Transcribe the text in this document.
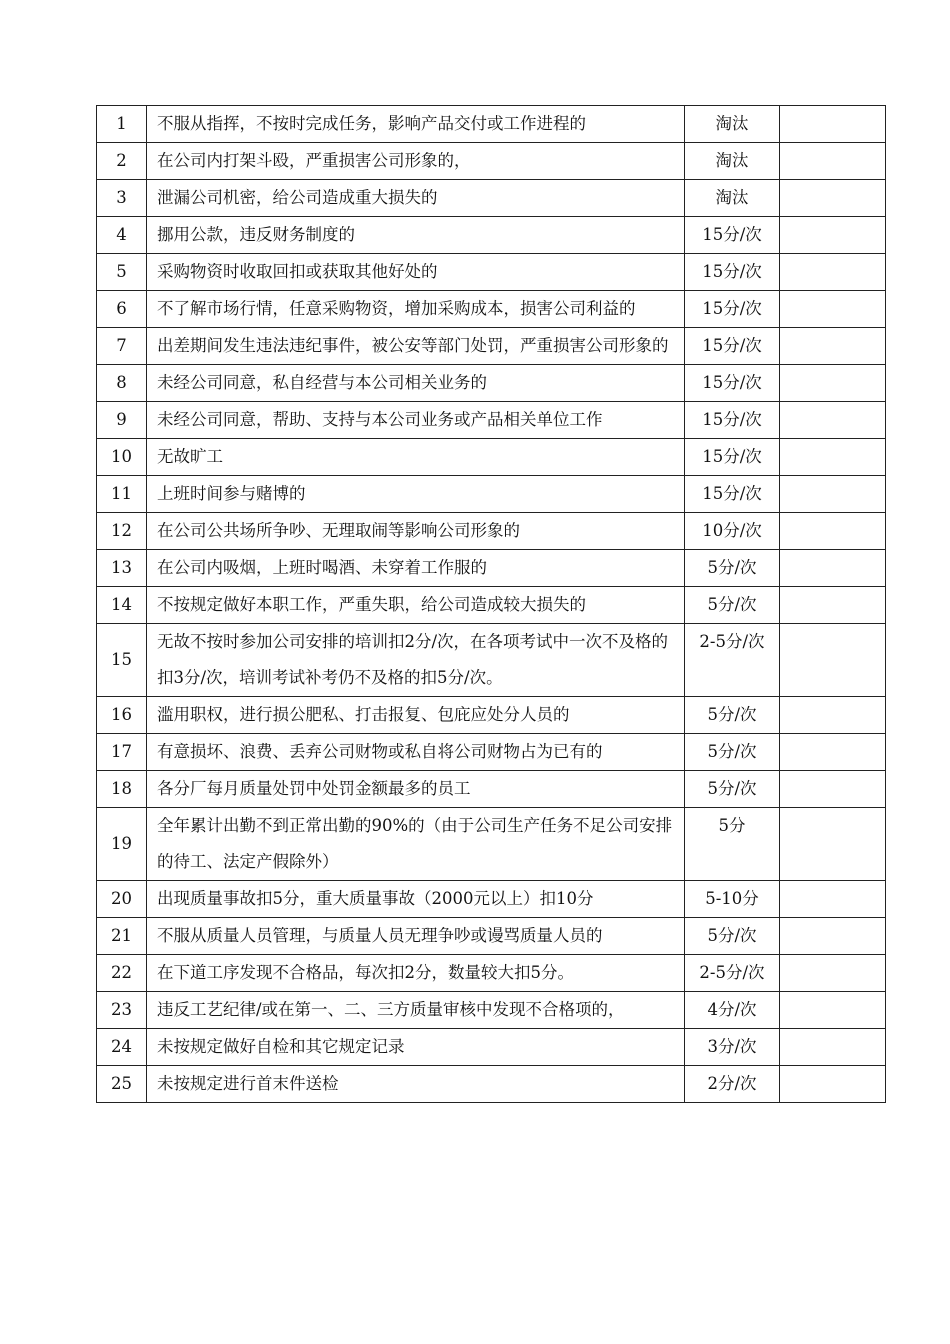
1	不服从指挥，不按时完成任务，影响产品交付或工作进程的	淘汰	
2	在公司内打架斗殴，严重损害公司形象的，	淘汰	
3	泄漏公司机密，给公司造成重大损失的	淘汰	
4	挪用公款，违反财务制度的	15分/次	
5	采购物资时收取回扣或获取其他好处的	15分/次	
6	不了解市场行情，任意采购物资，增加采购成本，损害公司利益的	15分/次	
7	出差期间发生违法违纪事件，被公安等部门处罚，严重损害公司形象的	15分/次	
8	未经公司同意，私自经营与本公司相关业务的	15分/次	
9	未经公司同意，帮助、支持与本公司业务或产品相关单位工作	15分/次	
10	无故旷工	15分/次	
11	上班时间参与赌博的	15分/次	
12	在公司公共场所争吵、无理取闹等影响公司形象的	10分/次	
13	在公司内吸烟，上班时喝酒、未穿着工作服的	5分/次	
14	不按规定做好本职工作，严重失职，给公司造成较大损失的	5分/次	
15	无故不按时参加公司安排的培训扣2分/次，在各项考试中一次不及格的扣3分/次，培训考试补考仍不及格的扣5分/次。	2-5分/次	
16	滥用职权，进行损公肥私、打击报复、包庇应处分人员的	5分/次	
17	有意损坏、浪费、丢弃公司财物或私自将公司财物占为已有的	5分/次	
18	各分厂每月质量处罚中处罚金额最多的员工	5分/次	
19	全年累计出勤不到正常出勤的90%的（由于公司生产任务不足公司安排的待工、法定产假除外）	5分	
20	出现质量事故扣5分，重大质量事故（2000元以上）扣10分	5-10分	
21	不服从质量人员管理，与质量人员无理争吵或谩骂质量人员的	5分/次	
22	在下道工序发现不合格品，每次扣2分，数量较大扣5分。	2-5分/次	
23	违反工艺纪律/或在第一、二、三方质量审核中发现不合格项的，	4分/次	
24	未按规定做好自检和其它规定记录	3分/次	
25	未按规定进行首末件送检	2分/次	
